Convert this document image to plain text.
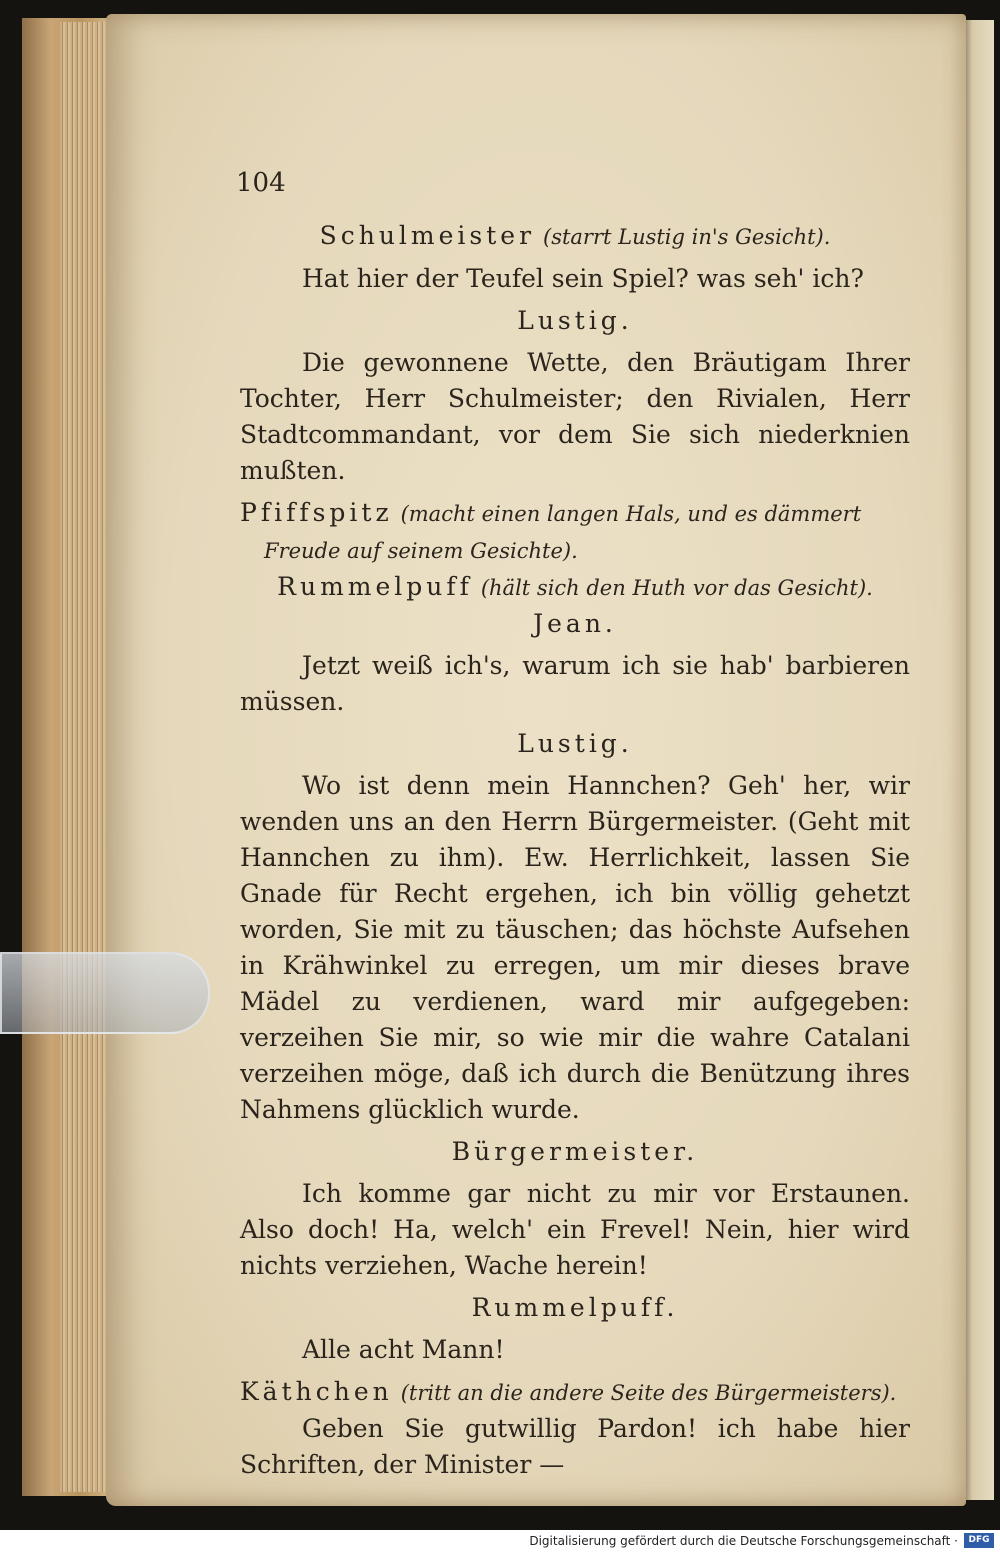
104
Schulmeister (starrt Lustig in's Gesicht).

Hat hier der Teufel sein Spiel? was seh' ich?

Lustig.

Die gewonnene Wette, den Bräutigam Ihrer Tochter, Herr Schulmeister; den Rivialen, Herr Stadtcommandant, vor dem Sie sich niederknien mußten.

Pfiffspitz (macht einen langen Hals, und es dämmert Freude auf seinem Gesichte).

Rummelpuff (hält sich den Huth vor das Gesicht).
Jean.

Jetzt weiß ich's, warum ich sie hab' barbieren müssen.

Lustig.

Wo ist denn mein Hannchen? Geh' her, wir wenden uns an den Herrn Bürgermeister. (Geht mit Hannchen zu ihm). Ew. Herrlichkeit, lassen Sie Gnade für Recht ergehen, ich bin völlig gehetzt worden, Sie mit zu täuschen; das höchste Aufsehen in Krähwinkel zu erregen, um mir dieses brave Mädel zu verdienen, ward mir aufgegeben: verzeihen Sie mir, so wie mir die wahre Catalani verzeihen möge, daß ich durch die Benützung ihres Nahmens glücklich wurde.

Bürgermeister.

Ich komme gar nicht zu mir vor Erstaunen. Also doch! Ha, welch' ein Frevel! Nein, hier wird nichts verziehen, Wache herein!

Rummelpuff.

Alle acht Mann!

Käthchen (tritt an die andere Seite des Bürgermeisters).

Geben Sie gutwillig Pardon! ich habe hier Schriften, der Minister —

Digitalisierung gefördert durch die Deutsche Forschungsgemeinschaft ·	DFG
